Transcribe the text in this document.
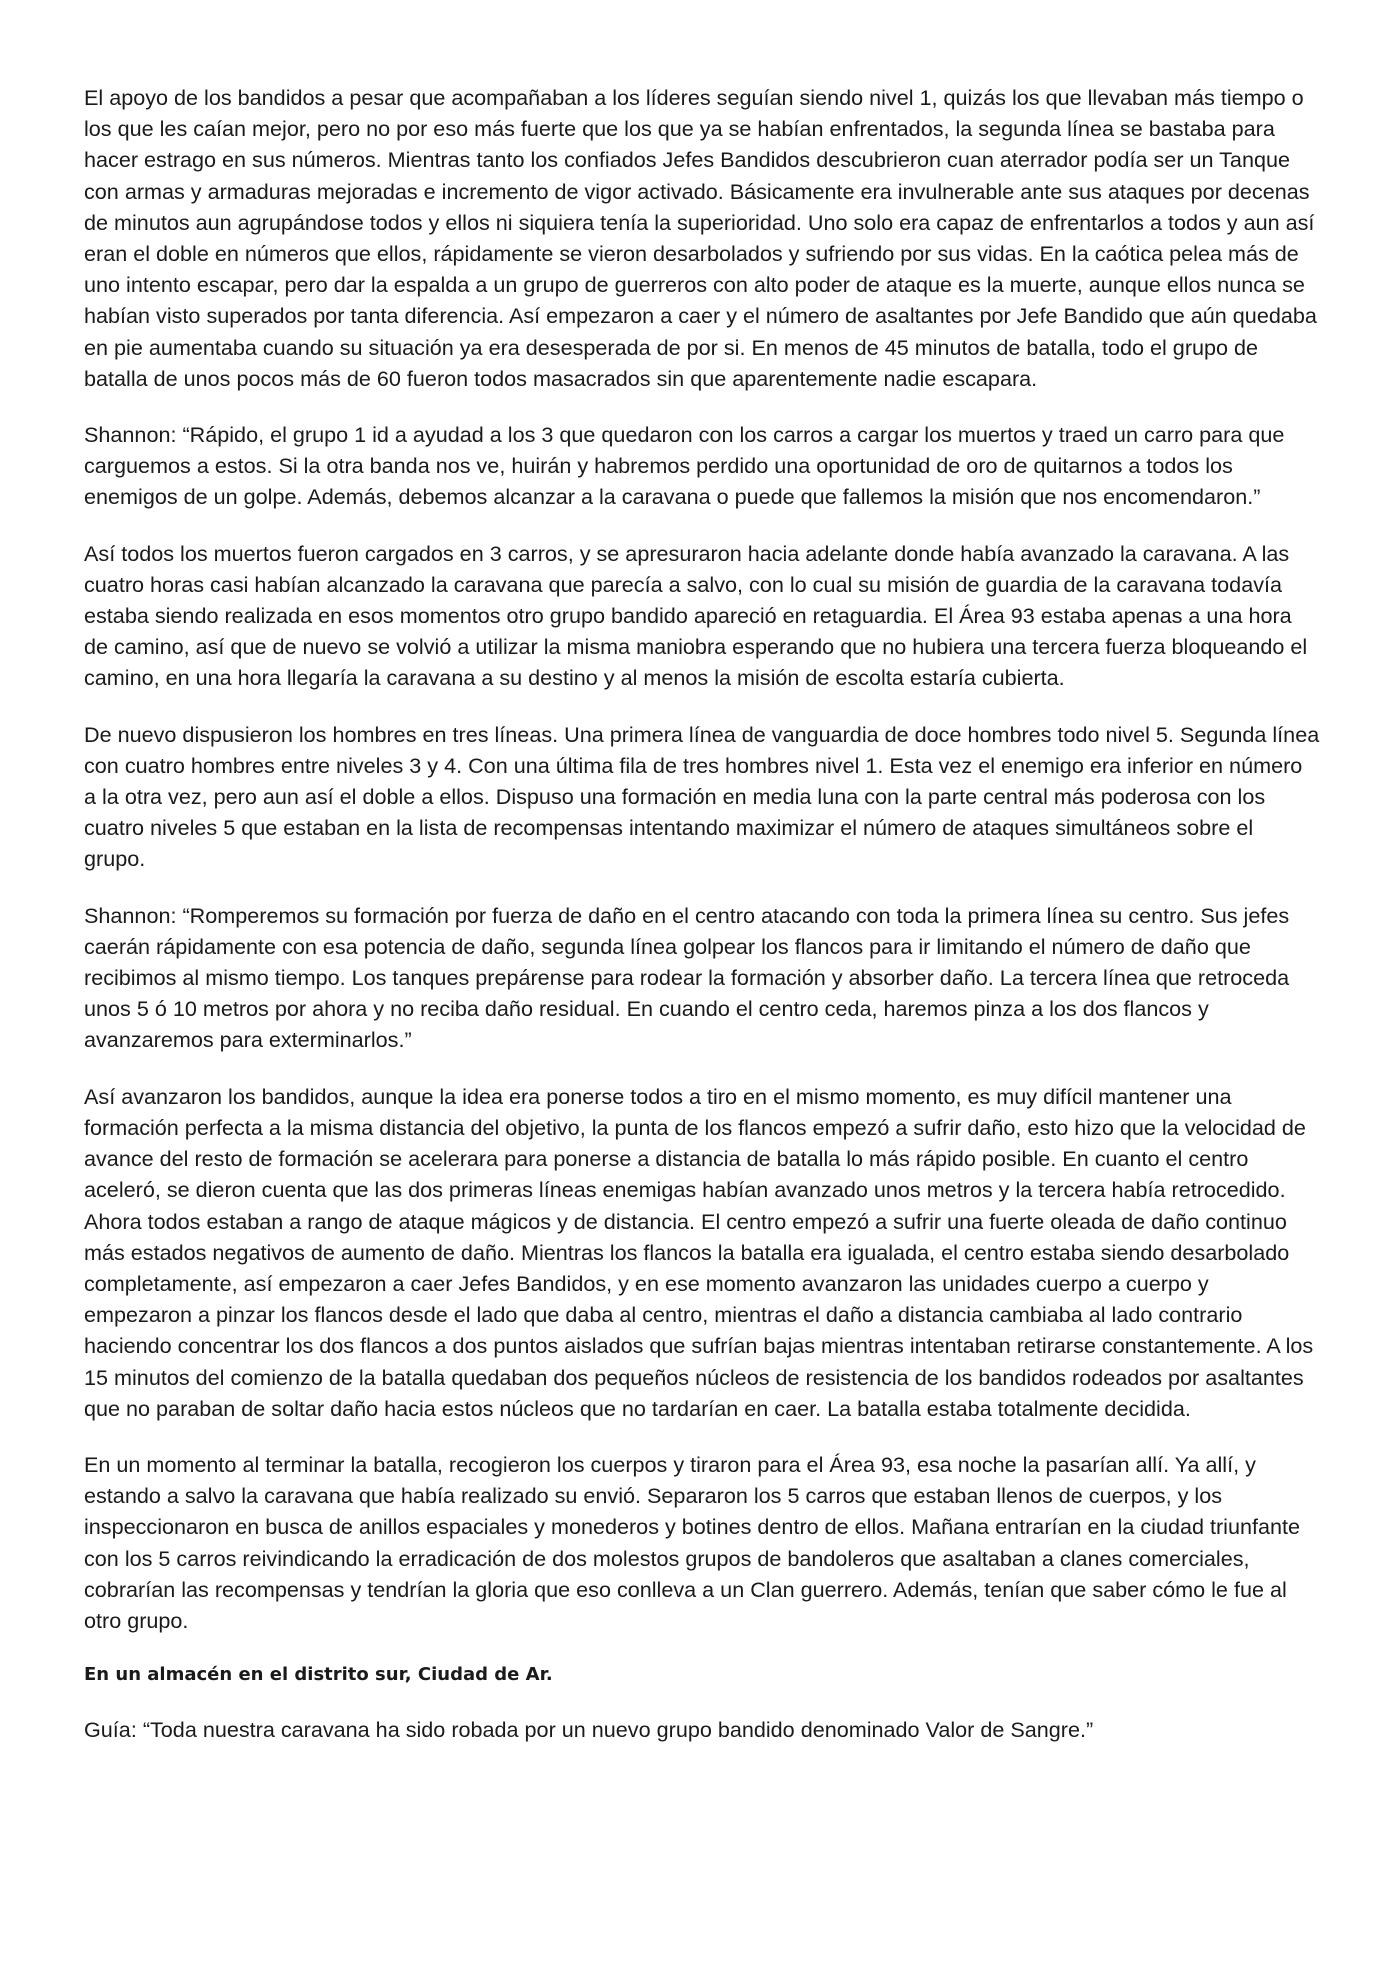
El apoyo de los bandidos a pesar que acompañaban a los líderes seguían siendo nivel 1, quizás los que llevaban más tiempo o los que les caían mejor, pero no por eso más fuerte que los que ya se habían enfrentados, la segunda línea se bastaba para hacer estrago en sus números. Mientras tanto los confiados Jefes Bandidos descubrieron cuan aterrador podía ser un Tanque con armas y armaduras mejoradas e incremento de vigor activado. Básicamente era invulnerable ante sus ataques por decenas de minutos aun agrupándose todos y ellos ni siquiera tenía la superioridad. Uno solo era capaz de enfrentarlos a todos y aun así eran el doble en números que ellos, rápidamente se vieron desarbolados y sufriendo por sus vidas. En la caótica pelea más de uno intento escapar, pero dar la espalda a un grupo de guerreros con alto poder de ataque es la muerte, aunque ellos nunca se habían visto superados por tanta diferencia. Así empezaron a caer y el número de asaltantes por Jefe Bandido que aún quedaba en pie aumentaba cuando su situación ya era desesperada de por si. En menos de 45 minutos de batalla, todo el grupo de batalla de unos pocos más de 60 fueron todos masacrados sin que aparentemente nadie escapara.

Shannon: “Rápido, el grupo 1 id a ayudad a los 3 que quedaron con los carros a cargar los muertos y traed un carro para que carguemos a estos. Si la otra banda nos ve, huirán y habremos perdido una oportunidad de oro de quitarnos a todos los enemigos de un golpe. Además, debemos alcanzar a la caravana o puede que fallemos la misión que nos encomendaron.”

Así todos los muertos fueron cargados en 3 carros, y se apresuraron hacia adelante donde había avanzado la caravana. A las cuatro horas casi habían alcanzado la caravana que parecía a salvo, con lo cual su misión de guardia de la caravana todavía estaba siendo realizada en esos momentos otro grupo bandido apareció en retaguardia. El Área 93 estaba apenas a una hora de camino, así que de nuevo se volvió a utilizar la misma maniobra esperando que no hubiera una tercera fuerza bloqueando el camino, en una hora llegaría la caravana a su destino y al menos la misión de escolta estaría cubierta.

De nuevo dispusieron los hombres en tres líneas. Una primera línea de vanguardia de doce hombres todo nivel 5. Segunda línea con cuatro hombres entre niveles 3 y 4. Con una última fila de tres hombres nivel 1. Esta vez el enemigo era inferior en número a la otra vez, pero aun así el doble a ellos. Dispuso una formación en media luna con la parte central más poderosa con los cuatro niveles 5 que estaban en la lista de recompensas intentando maximizar el número de ataques simultáneos sobre el grupo.

Shannon: “Romperemos su formación por fuerza de daño en el centro atacando con toda la primera línea su centro. Sus jefes caerán rápidamente con esa potencia de daño, segunda línea golpear los flancos para ir limitando el número de daño que recibimos al mismo tiempo. Los tanques prepárense para rodear la formación y absorber daño. La tercera línea que retroceda unos 5 ó 10 metros por ahora y no reciba daño residual. En cuando el centro ceda, haremos pinza a los dos flancos y avanzaremos para exterminarlos.”

Así avanzaron los bandidos, aunque la idea era ponerse todos a tiro en el mismo momento, es muy difícil mantener una formación perfecta a la misma distancia del objetivo, la punta de los flancos empezó a sufrir daño, esto hizo que la velocidad de avance del resto de formación se acelerara para ponerse a distancia de batalla lo más rápido posible. En cuanto el centro aceleró, se dieron cuenta que las dos primeras líneas enemigas habían avanzado unos metros y la tercera había retrocedido. Ahora todos estaban a rango de ataque mágicos y de distancia. El centro empezó a sufrir una fuerte oleada de daño continuo más estados negativos de aumento de daño. Mientras los flancos la batalla era igualada, el centro estaba siendo desarbolado completamente, así empezaron a caer Jefes Bandidos, y en ese momento avanzaron las unidades cuerpo a cuerpo y empezaron a pinzar los flancos desde el lado que daba al centro, mientras el daño a distancia cambiaba al lado contrario haciendo concentrar los dos flancos a dos puntos aislados que sufrían bajas mientras intentaban retirarse constantemente. A los 15 minutos del comienzo de la batalla quedaban dos pequeños núcleos de resistencia de los bandidos rodeados por asaltantes que no paraban de soltar daño hacia estos núcleos que no tardarían en caer. La batalla estaba totalmente decidida.

En un momento al terminar la batalla, recogieron los cuerpos y tiraron para el Área 93, esa noche la pasarían allí. Ya allí, y estando a salvo la caravana que había realizado su envió. Separaron los 5 carros que estaban llenos de cuerpos, y los inspeccionaron en busca de anillos espaciales y monederos y botines dentro de ellos. Mañana entrarían en la ciudad triunfante con los 5 carros reivindicando la erradicación de dos molestos grupos de bandoleros que asaltaban a clanes comerciales, cobrarían las recompensas y tendrían la gloria que eso conlleva a un Clan guerrero. Además, tenían que saber cómo le fue al otro grupo.

En un almacén en el distrito sur, Ciudad de Ar.

Guía: “Toda nuestra caravana ha sido robada por un nuevo grupo bandido denominado Valor de Sangre.”
